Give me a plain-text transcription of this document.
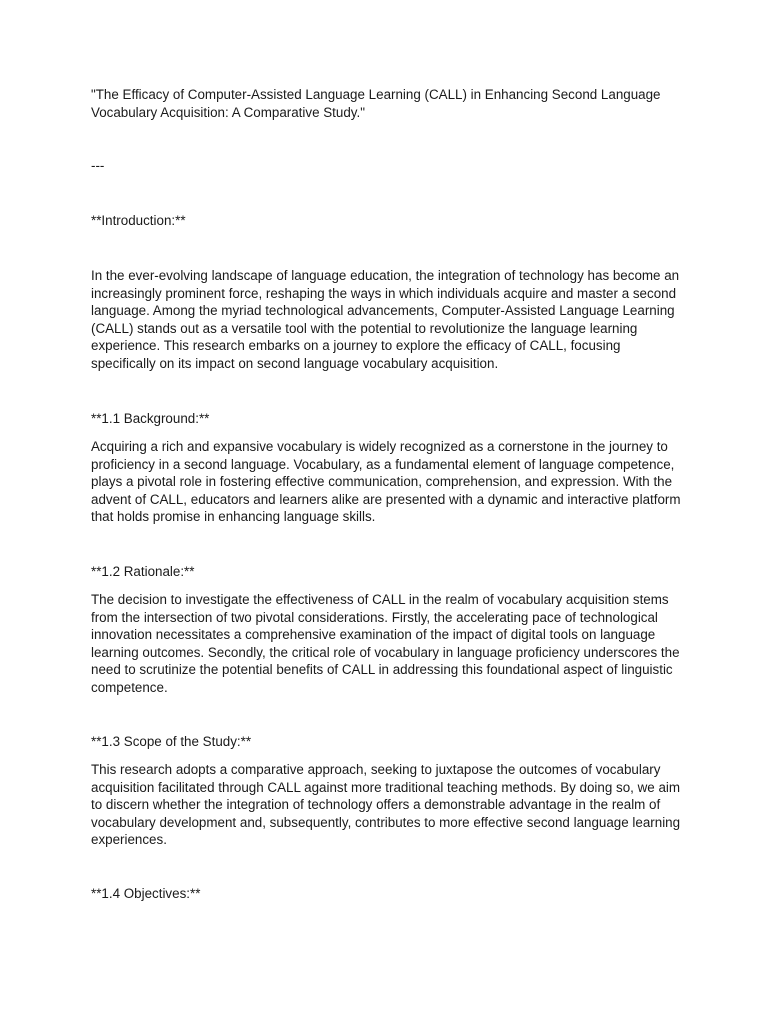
"The Efficacy of Computer-Assisted Language Learning (CALL) in Enhancing Second Language Vocabulary Acquisition: A Comparative Study."

---

**Introduction:**

In the ever-evolving landscape of language education, the integration of technology has become an increasingly prominent force, reshaping the ways in which individuals acquire and master a second language. Among the myriad technological advancements, Computer-Assisted Language Learning (CALL) stands out as a versatile tool with the potential to revolutionize the language learning experience. This research embarks on a journey to explore the efficacy of CALL, focusing specifically on its impact on second language vocabulary acquisition.

**1.1 Background:**

Acquiring a rich and expansive vocabulary is widely recognized as a cornerstone in the journey to proficiency in a second language. Vocabulary, as a fundamental element of language competence, plays a pivotal role in fostering effective communication, comprehension, and expression. With the advent of CALL, educators and learners alike are presented with a dynamic and interactive platform that holds promise in enhancing language skills.

**1.2 Rationale:**

The decision to investigate the effectiveness of CALL in the realm of vocabulary acquisition stems from the intersection of two pivotal considerations. Firstly, the accelerating pace of technological innovation necessitates a comprehensive examination of the impact of digital tools on language learning outcomes. Secondly, the critical role of vocabulary in language proficiency underscores the need to scrutinize the potential benefits of CALL in addressing this foundational aspect of linguistic competence.

**1.3 Scope of the Study:**

This research adopts a comparative approach, seeking to juxtapose the outcomes of vocabulary acquisition facilitated through CALL against more traditional teaching methods. By doing so, we aim to discern whether the integration of technology offers a demonstrable advantage in the realm of vocabulary development and, subsequently, contributes to more effective second language learning experiences.

**1.4 Objectives:**
